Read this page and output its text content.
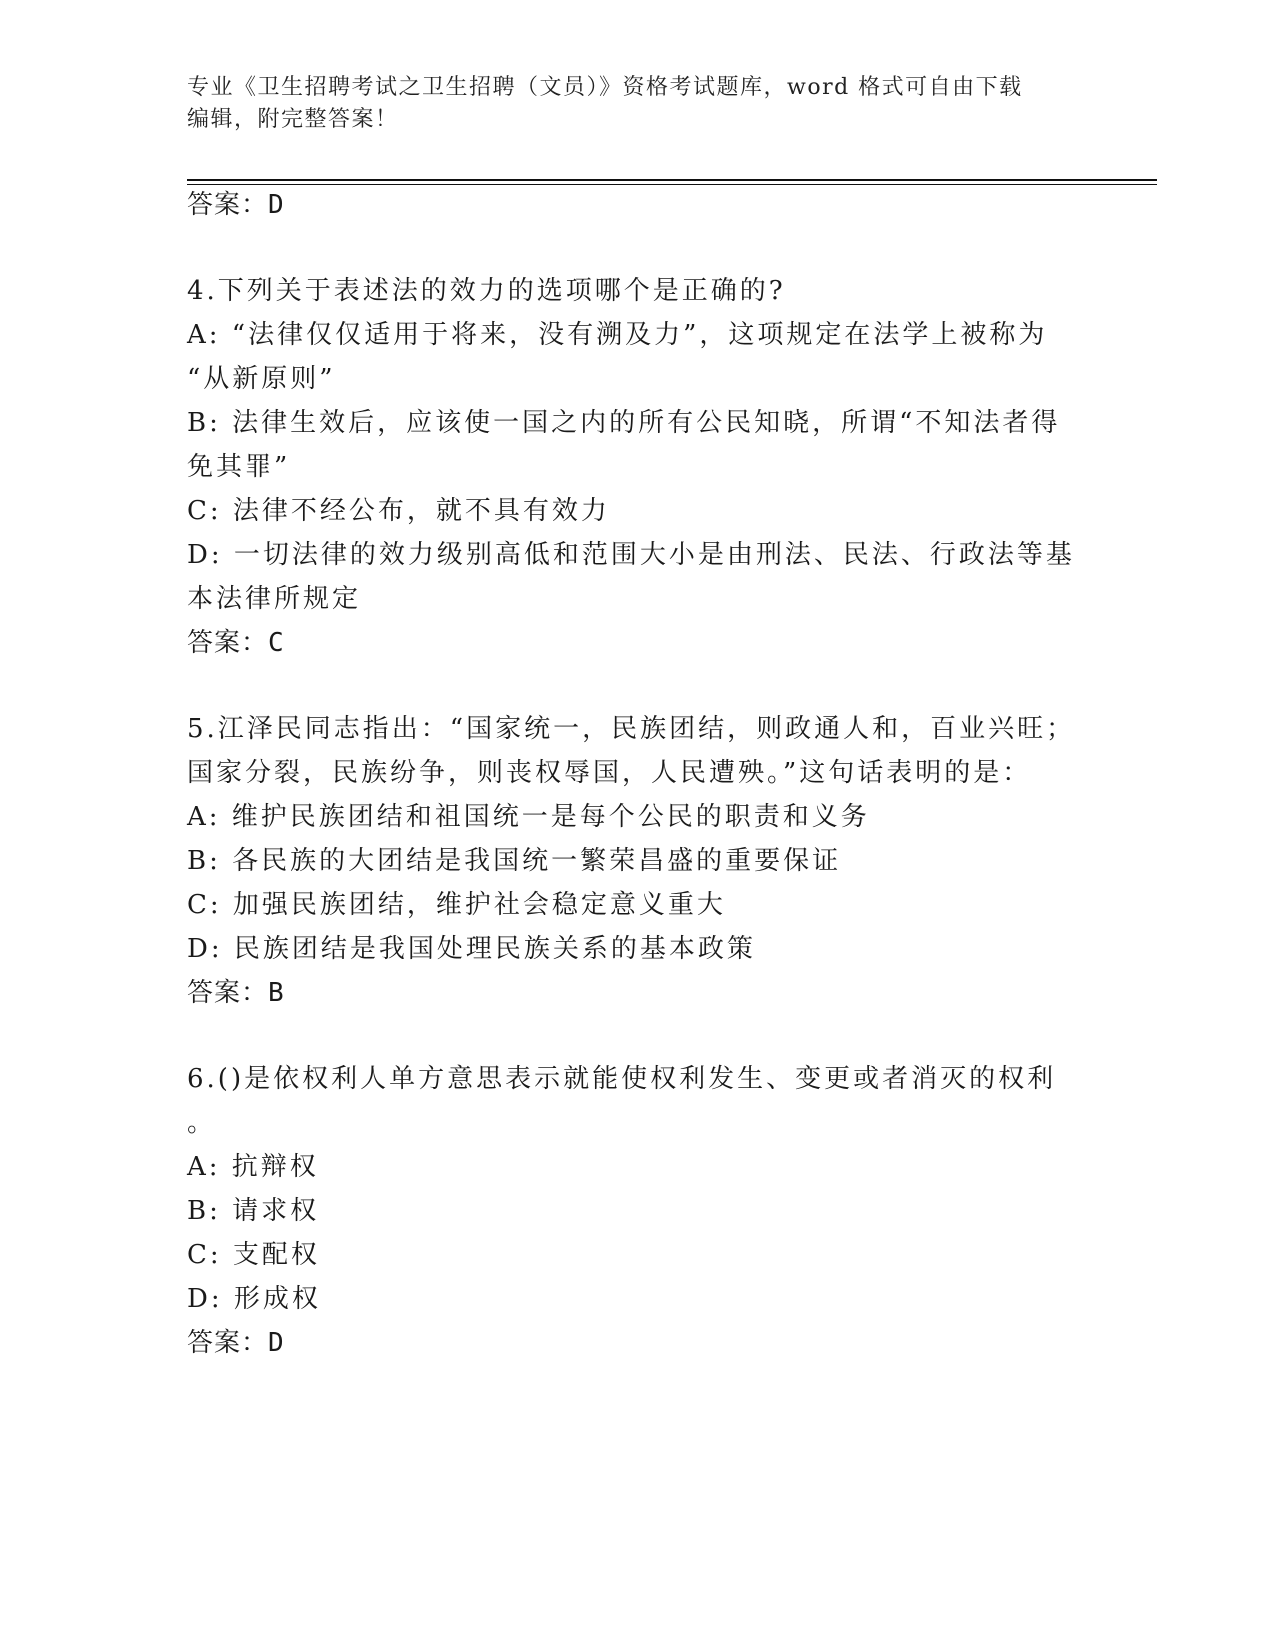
专业《卫生招聘考试之卫生招聘（文员）》资格考试题库，word 格式可自由下载
编辑，附完整答案！
答案：D
4.下列关于表述法的效力的选项哪个是正确的?
A: “法律仅仅适用于将来，没有溯及力”，这项规定在法学上被称为
“从新原则”
B: 法律生效后，应该使一国之内的所有公民知晓，所谓“不知法者得
免其罪”
C: 法律不经公布，就不具有效力
D: 一切法律的效力级别高低和范围大小是由刑法、民法、行政法等基
本法律所规定
答案：C
5.江泽民同志指出：“国家统一，民族团结，则政通人和，百业兴旺；
国家分裂，民族纷争，则丧权辱国，人民遭殃。”这句话表明的是：
A: 维护民族团结和祖国统一是每个公民的职责和义务
B: 各民族的大团结是我国统一繁荣昌盛的重要保证
C: 加强民族团结，维护社会稳定意义重大
D: 民族团结是我国处理民族关系的基本政策
答案：B
6.()是依权利人单方意思表示就能使权利发生、变更或者消灭的权利
。
A: 抗辩权
B: 请求权
C: 支配权
D: 形成权
答案：D
